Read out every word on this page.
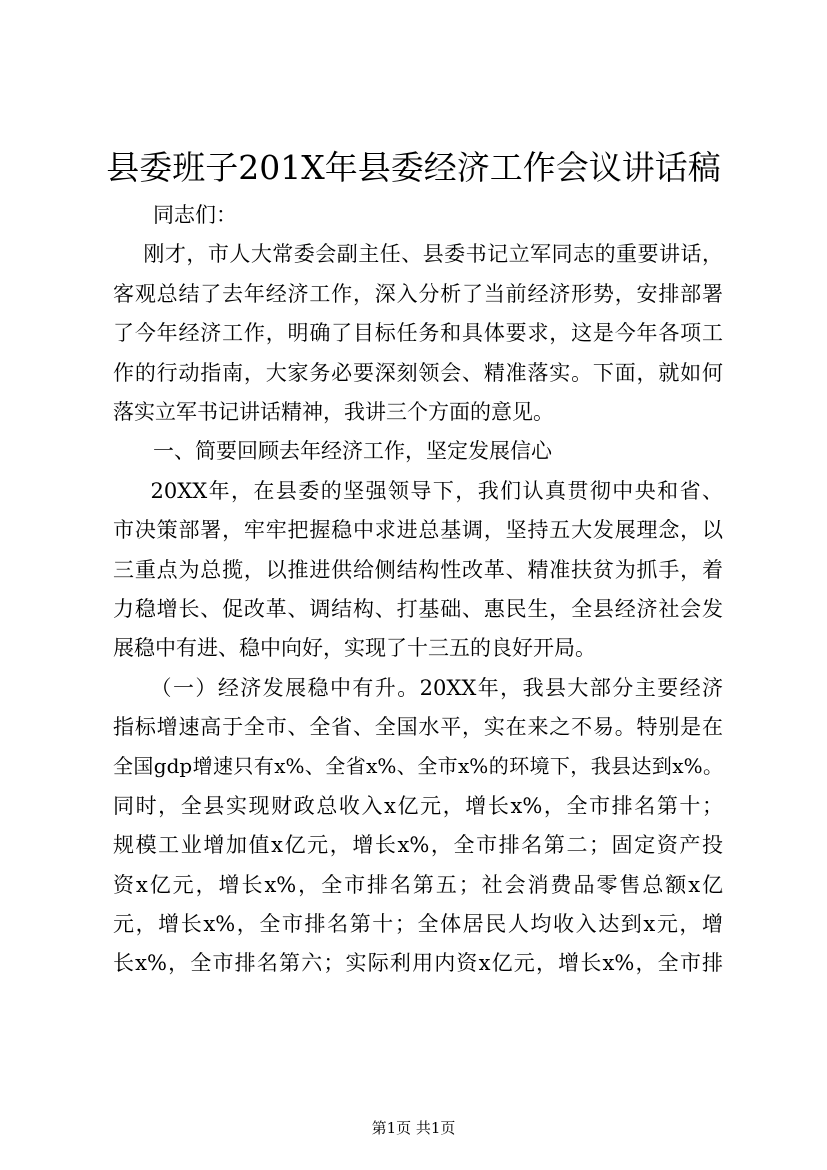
县委班子201X年县委经济工作会议讲话稿
同志们：
刚才，市人大常委会副主任、县委书记立军同志的重要讲话，
客观总结了去年经济工作，深入分析了当前经济形势，安排部署
了今年经济工作，明确了目标任务和具体要求，这是今年各项工
作的行动指南，大家务必要深刻领会、精准落实。下面，就如何
落实立军书记讲话精神，我讲三个方面的意见。
一、简要回顾去年经济工作，坚定发展信心
20XX年，在县委的坚强领导下，我们认真贯彻中央和省、
市决策部署，牢牢把握稳中求进总基调，坚持五大发展理念，以
三重点为总揽，以推进供给侧结构性改革、精准扶贫为抓手，着
力稳增长、促改革、调结构、打基础、惠民生，全县经济社会发
展稳中有进、稳中向好，实现了十三五的良好开局。
（一）经济发展稳中有升。20XX年，我县大部分主要经济
指标增速高于全市、全省、全国水平，实在来之不易。特别是在
全国gdp增速只有x%、全省x%、全市x%的环境下，我县达到x%。
同时，全县实现财政总收入x亿元，增长x%，全市排名第十；
规模工业增加值x亿元，增长x%，全市排名第二；固定资产投
资x亿元，增长x%，全市排名第五；社会消费品零售总额x亿
元，增长x%，全市排名第十；全体居民人均收入达到x元，增
长x%，全市排名第六；实际利用内资x亿元，增长x%，全市排
第1页 共1页
